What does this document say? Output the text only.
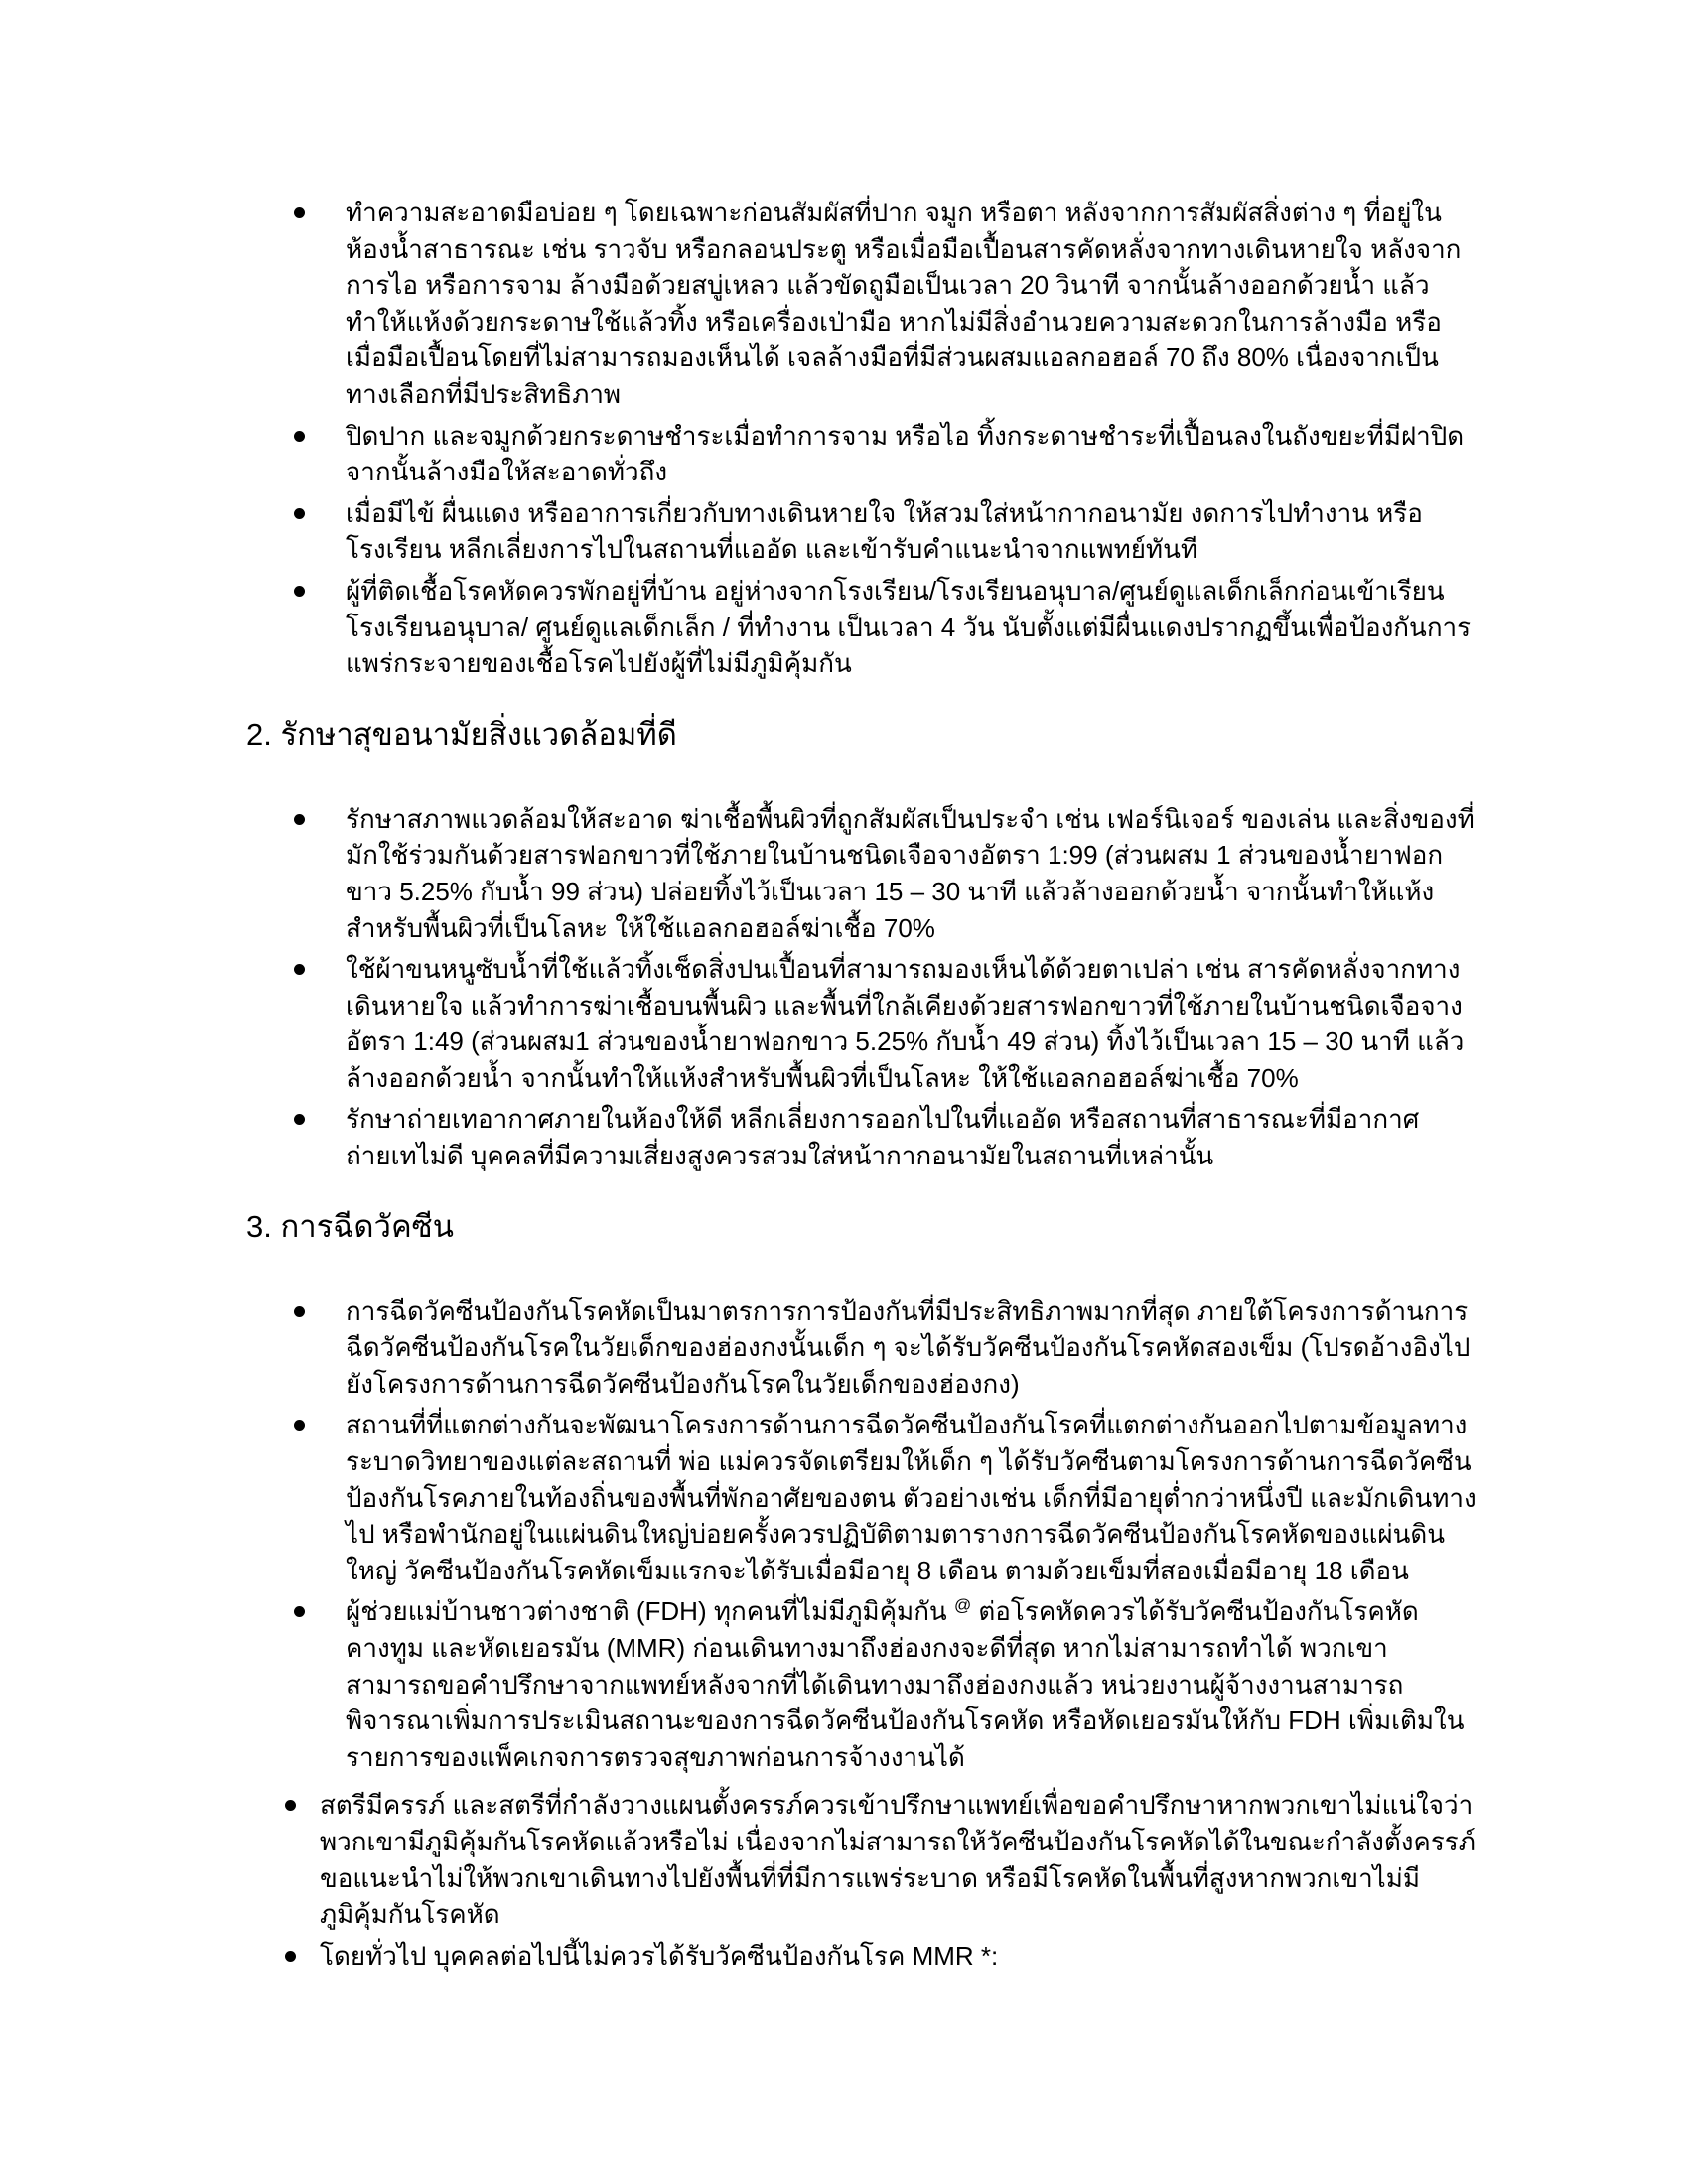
ทำความสะอาดมือบ่อย ๆ โดยเฉพาะก่อนสัมผัสที่ปาก จมูก หรือตา หลังจากการสัมผัสสิ่งต่าง ๆ ที่อยู่ในห้องน้ำสาธารณะ เช่น ราวจับ หรือกลอนประตู หรือเมื่อมือเปื้อนสารคัดหลั่งจากทางเดินหายใจ หลังจากการไอ หรือการจาม ล้างมือด้วยสบู่เหลว แล้วขัดถูมือเป็นเวลา 20 วินาที จากนั้นล้างออกด้วยน้ำ แล้วทำให้แห้งด้วยกระดาษใช้แล้วทิ้ง หรือเครื่องเป่ามือ หากไม่มีสิ่งอำนวยความสะดวกในการล้างมือ หรือเมื่อมือเปื้อนโดยที่ไม่สามารถมองเห็นได้ เจลล้างมือที่มีส่วนผสมแอลกอฮอล์ 70 ถึง 80% เนื่องจากเป็นทางเลือกที่มีประสิทธิภาพ
ปิดปาก และจมูกด้วยกระดาษชำระเมื่อทำการจาม หรือไอ ทิ้งกระดาษชำระที่เปื้อนลงในถังขยะที่มีฝาปิด จากนั้นล้างมือให้สะอาดทั่วถึง
เมื่อมีไข้ ผื่นแดง หรืออาการเกี่ยวกับทางเดินหายใจ ให้สวมใส่หน้ากากอนามัย งดการไปทำงาน หรือโรงเรียน หลีกเลี่ยงการไปในสถานที่แออัด และเข้ารับคำแนะนำจากแพทย์ทันที
ผู้ที่ติดเชื้อโรคหัดควรพักอยู่ที่บ้าน อยู่ห่างจากโรงเรียน/โรงเรียนอนุบาล/ศูนย์ดูแลเด็กเล็กก่อนเข้าเรียนโรงเรียนอนุบาล/ ศูนย์ดูแลเด็กเล็ก / ที่ทำงาน เป็นเวลา 4 วัน นับตั้งแต่มีผื่นแดงปรากฏขึ้นเพื่อป้องกันการแพร่กระจายของเชื้อโรคไปยังผู้ที่ไม่มีภูมิคุ้มกัน
2. รักษาสุขอนามัยสิ่งแวดล้อมที่ดี
รักษาสภาพแวดล้อมให้สะอาด ฆ่าเชื้อพื้นผิวที่ถูกสัมผัสเป็นประจำ เช่น เฟอร์นิเจอร์ ของเล่น และสิ่งของที่มักใช้ร่วมกันด้วยสารฟอกขาวที่ใช้ภายในบ้านชนิดเจือจางอัตรา 1:99 (ส่วนผสม 1 ส่วนของน้ำยาฟอกขาว 5.25% กับน้ำ 99 ส่วน) ปล่อยทิ้งไว้เป็นเวลา 15 – 30 นาที แล้วล้างออกด้วยน้ำ จากนั้นทำให้แห้ง สำหรับพื้นผิวที่เป็นโลหะ ให้ใช้แอลกอฮอล์ฆ่าเชื้อ 70%
ใช้ผ้าขนหนูซับน้ำที่ใช้แล้วทิ้งเช็ดสิ่งปนเปื้อนที่สามารถมองเห็นได้ด้วยตาเปล่า เช่น สารคัดหลั่งจากทางเดินหายใจ แล้วทำการฆ่าเชื้อบนพื้นผิว และพื้นที่ใกล้เคียงด้วยสารฟอกขาวที่ใช้ภายในบ้านชนิดเจือจางอัตรา 1:49 (ส่วนผสม1 ส่วนของน้ำยาฟอกขาว 5.25% กับน้ำ 49 ส่วน) ทิ้งไว้เป็นเวลา 15 – 30 นาที แล้วล้างออกด้วยน้ำ จากนั้นทำให้แห้งสำหรับพื้นผิวที่เป็นโลหะ ให้ใช้แอลกอฮอล์ฆ่าเชื้อ 70%
รักษาถ่ายเทอากาศภายในห้องให้ดี หลีกเลี่ยงการออกไปในที่แออัด หรือสถานที่สาธารณะที่มีอากาศถ่ายเทไม่ดี บุคคลที่มีความเสี่ยงสูงควรสวมใส่หน้ากากอนามัยในสถานที่เหล่านั้น
3. การฉีดวัคซีน
การฉีดวัคซีนป้องกันโรคหัดเป็นมาตรการการป้องกันที่มีประสิทธิภาพมากที่สุด ภายใต้โครงการด้านการฉีดวัคซีนป้องกันโรคในวัยเด็กของฮ่องกงนั้นเด็ก ๆ จะได้รับวัคซีนป้องกันโรคหัดสองเข็ม (โปรดอ้างอิงไปยังโครงการด้านการฉีดวัคซีนป้องกันโรคในวัยเด็กของฮ่องกง)
สถานที่ที่แตกต่างกันจะพัฒนาโครงการด้านการฉีดวัคซีนป้องกันโรคที่แตกต่างกันออกไปตามข้อมูลทางระบาดวิทยาของแต่ละสถานที่ พ่อ แม่ควรจัดเตรียมให้เด็ก ๆ ได้รับวัคซีนตามโครงการด้านการฉีดวัคซีนป้องกันโรคภายในท้องถิ่นของพื้นที่พักอาศัยของตน ตัวอย่างเช่น เด็กที่มีอายุต่ำกว่าหนึ่งปี และมักเดินทางไป หรือพำนักอยู่ในแผ่นดินใหญ่บ่อยครั้งควรปฏิบัติตามตารางการฉีดวัคซีนป้องกันโรคหัดของแผ่นดินใหญ่ วัคซีนป้องกันโรคหัดเข็มแรกจะได้รับเมื่อมีอายุ 8 เดือน ตามด้วยเข็มที่สองเมื่อมีอายุ 18 เดือน
ผู้ช่วยแม่บ้านชาวต่างชาติ (FDH) ทุกคนที่ไม่มีภูมิคุ้มกัน @ ต่อโรคหัดควรได้รับวัคซีนป้องกันโรคหัด คางทูม และหัดเยอรมัน (MMR) ก่อนเดินทางมาถึงฮ่องกงจะดีที่สุด หากไม่สามารถทำได้ พวกเขาสามารถขอคำปรึกษาจากแพทย์หลังจากที่ได้เดินทางมาถึงฮ่องกงแล้ว หน่วยงานผู้จ้างงานสามารถพิจารณาเพิ่มการประเมินสถานะของการฉีดวัคซีนป้องกันโรคหัด หรือหัดเยอรมันให้กับ FDH เพิ่มเติมในรายการของแพ็คเกจการตรวจสุขภาพก่อนการจ้างงานได้
สตรีมีครรภ์ และสตรีที่กำลังวางแผนตั้งครรภ์ควรเข้าปรึกษาแพทย์เพื่อขอคำปรึกษาหากพวกเขาไม่แน่ใจว่าพวกเขามีภูมิคุ้มกันโรคหัดแล้วหรือไม่ เนื่องจากไม่สามารถให้วัคซีนป้องกันโรคหัดได้ในขณะกำลังตั้งครรภ์ ขอแนะนำไม่ให้พวกเขาเดินทางไปยังพื้นที่ที่มีการแพร่ระบาด หรือมีโรคหัดในพื้นที่สูงหากพวกเขาไม่มีภูมิคุ้มกันโรคหัด
โดยทั่วไป บุคคลต่อไปนี้ไม่ควรได้รับวัคซีนป้องกันโรค MMR *:
